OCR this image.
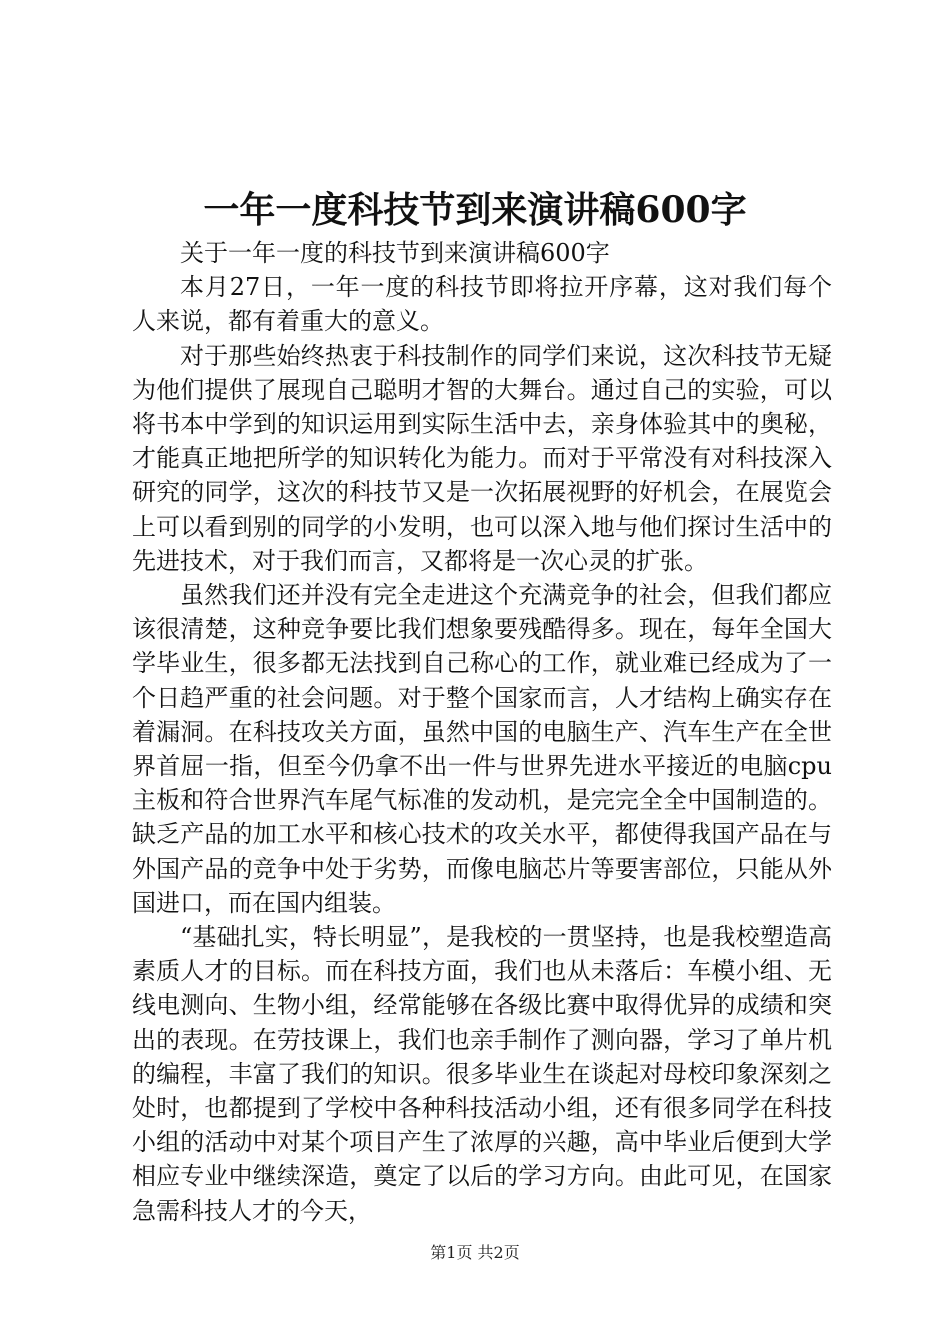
一年一度科技节到来演讲稿600字

关于一年一度的科技节到来演讲稿600字

本月27日，一年一度的科技节即将拉开序幕，这对我们每个人来说，都有着重大的意义。

对于那些始终热衷于科技制作的同学们来说，这次科技节无疑为他们提供了展现自己聪明才智的大舞台。通过自己的实验，可以将书本中学到的知识运用到实际生活中去，亲身体验其中的奥秘，才能真正地把所学的知识转化为能力。而对于平常没有对科技深入研究的同学，这次的科技节又是一次拓展视野的好机会，在展览会上可以看到别的同学的小发明，也可以深入地与他们探讨生活中的先进技术，对于我们而言，又都将是一次心灵的扩张。

虽然我们还并没有完全走进这个充满竞争的社会，但我们都应该很清楚，这种竞争要比我们想象要残酷得多。现在，每年全国大学毕业生，很多都无法找到自己称心的工作，就业难已经成为了一个日趋严重的社会问题。对于整个国家而言，人才结构上确实存在着漏洞。在科技攻关方面，虽然中国的电脑生产、汽车生产在全世界首屈一指，但至今仍拿不出一件与世界先进水平接近的电脑cpu主板和符合世界汽车尾气标准的发动机，是完完全全中国制造的。缺乏产品的加工水平和核心技术的攻关水平，都使得我国产品在与外国产品的竞争中处于劣势，而像电脑芯片等要害部位，只能从外国进口，而在国内组装。

“基础扎实，特长明显”，是我校的一贯坚持，也是我校塑造高素质人才的目标。而在科技方面，我们也从未落后：车模小组、无线电测向、生物小组，经常能够在各级比赛中取得优异的成绩和突出的表现。在劳技课上，我们也亲手制作了测向器，学习了单片机的编程，丰富了我们的知识。很多毕业生在谈起对母校印象深刻之处时，也都提到了学校中各种科技活动小组，还有很多同学在科技小组的活动中对某个项目产生了浓厚的兴趣，高中毕业后便到大学相应专业中继续深造，奠定了以后的学习方向。由此可见，在国家急需科技人才的今天，

第1页 共2页
